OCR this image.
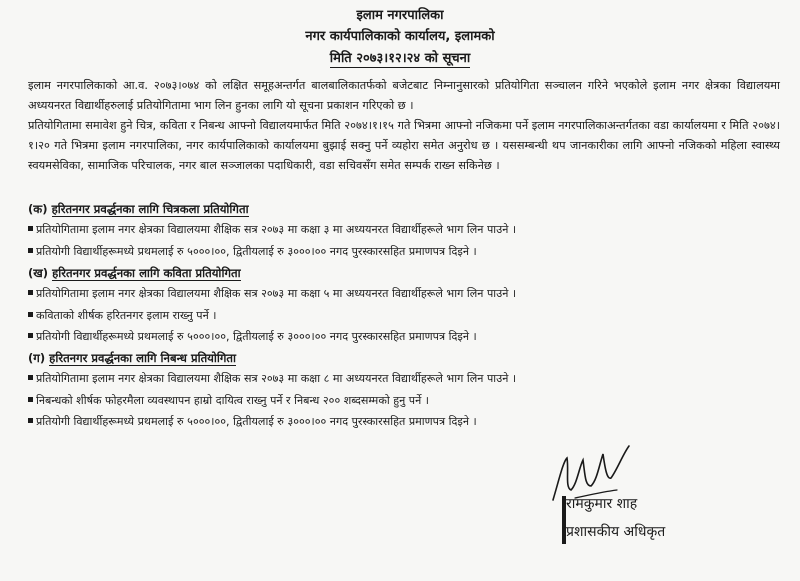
इलाम नगरपालिका
नगर कार्यपालिकाको कार्यालय, इलामको
मिति २०७३।१२।२४ को सूचना

इलाम नगरपालिकाको आ.व. २०७३।०७४ को लक्षित समूहअन्तर्गत बालबालिकातर्फको बजेटबाट निम्नानुसारको प्रतियोगिता सञ्चालन गरिने भएकोले इलाम नगर क्षेत्रका विद्यालयमा अध्ययनरत विद्यार्थीहरुलाई प्रतियोगितामा भाग लिन हुनका लागि यो सूचना प्रकाशन गरिएको छ ।

प्रतियोगितामा समावेश हुने चित्र, कविता र निबन्ध आफ्नो विद्यालयमार्फत मिति २०७४।१।१५ गते भित्रमा आफ्नो नजिकमा पर्ने इलाम नगरपालिकाअन्तर्गतका वडा कार्यालयमा र मिति २०७४।१।२० गते भित्रमा इलाम नगरपालिका, नगर कार्यपालिकाको कार्यालयमा बुझाई सक्नु पर्ने व्यहोरा समेत अनुरोध छ । यससम्बन्धी थप जानकारीका लागि आफ्नो नजिकको महिला स्वास्थ्य स्वयमसेविका, सामाजिक परिचालक, नगर बाल सञ्जालका पदाधिकारी, वडा सचिवसँग समेत सम्पर्क राख्न सकिनेछ ।

(क) हरितनगर प्रवर्द्धनका लागि चित्रकला प्रतियोगिता
प्रतियोगितामा इलाम नगर क्षेत्रका विद्यालयमा शैक्षिक सत्र २०७३ मा कक्षा ३ मा अध्ययनरत विद्यार्थीहरूले भाग लिन पाउने ।
प्रतियोगी विद्यार्थीहरूमध्ये प्रथमलाई रु ५०००।००, द्वितीयलाई रु ३०००।०० नगद पुरस्कारसहित प्रमाणपत्र दिइने ।
(ख) हरितनगर प्रवर्द्धनका लागि कविता प्रतियोगिता
प्रतियोगितामा इलाम नगर क्षेत्रका विद्यालयमा शैक्षिक सत्र २०७३ मा कक्षा ५ मा अध्ययनरत विद्यार्थीहरूले भाग लिन पाउने ।
कविताको शीर्षक हरितनगर इलाम राख्नु पर्ने ।
प्रतियोगी विद्यार्थीहरूमध्ये प्रथमलाई रु ५०००।००, द्वितीयलाई रु ३०००।०० नगद पुरस्कारसहित प्रमाणपत्र दिइने ।
(ग) हरितनगर प्रवर्द्धनका लागि निबन्ध प्रतियोगिता
प्रतियोगितामा इलाम नगर क्षेत्रका विद्यालयमा शैक्षिक सत्र २०७३ मा कक्षा ८ मा अध्ययनरत विद्यार्थीहरूले भाग लिन पाउने ।
निबन्धको शीर्षक फोहरमैला व्यवस्थापन हाम्रो दायित्व राख्नु पर्ने र निबन्ध २०० शब्दसम्मको हुनु पर्ने ।
प्रतियोगी विद्यार्थीहरूमध्ये प्रथमलाई रु ५०००।००, द्वितीयलाई रु ३०००।०० नगद पुरस्कारसहित प्रमाणपत्र दिइने ।
रामकुमार शाह
प्रशासकीय अधिकृत
